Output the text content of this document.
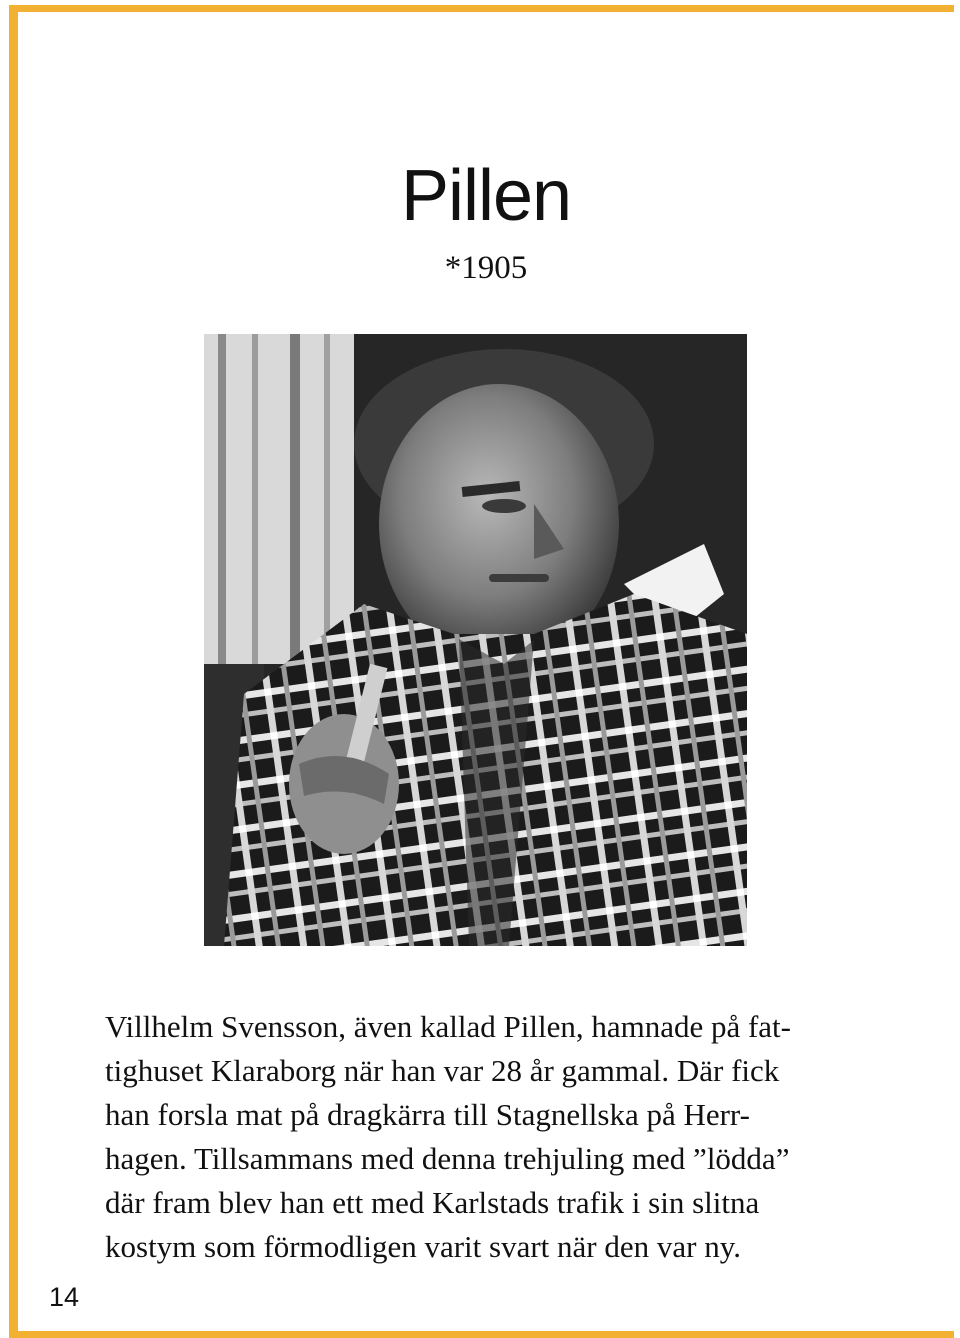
Pillen
*1905

Villhelm Svensson, även kallad Pillen, hamnade på fat-
tighuset Klaraborg när han var 28 år gammal. Där fick
han forsla mat på dragkärra till Stagnellska på Herr-
hagen. Tillsammans med denna trehjuling med ”lödda”
där fram blev han ett med Karlstads trafik i sin slitna
kostym som förmodligen varit svart när den var ny.

14
